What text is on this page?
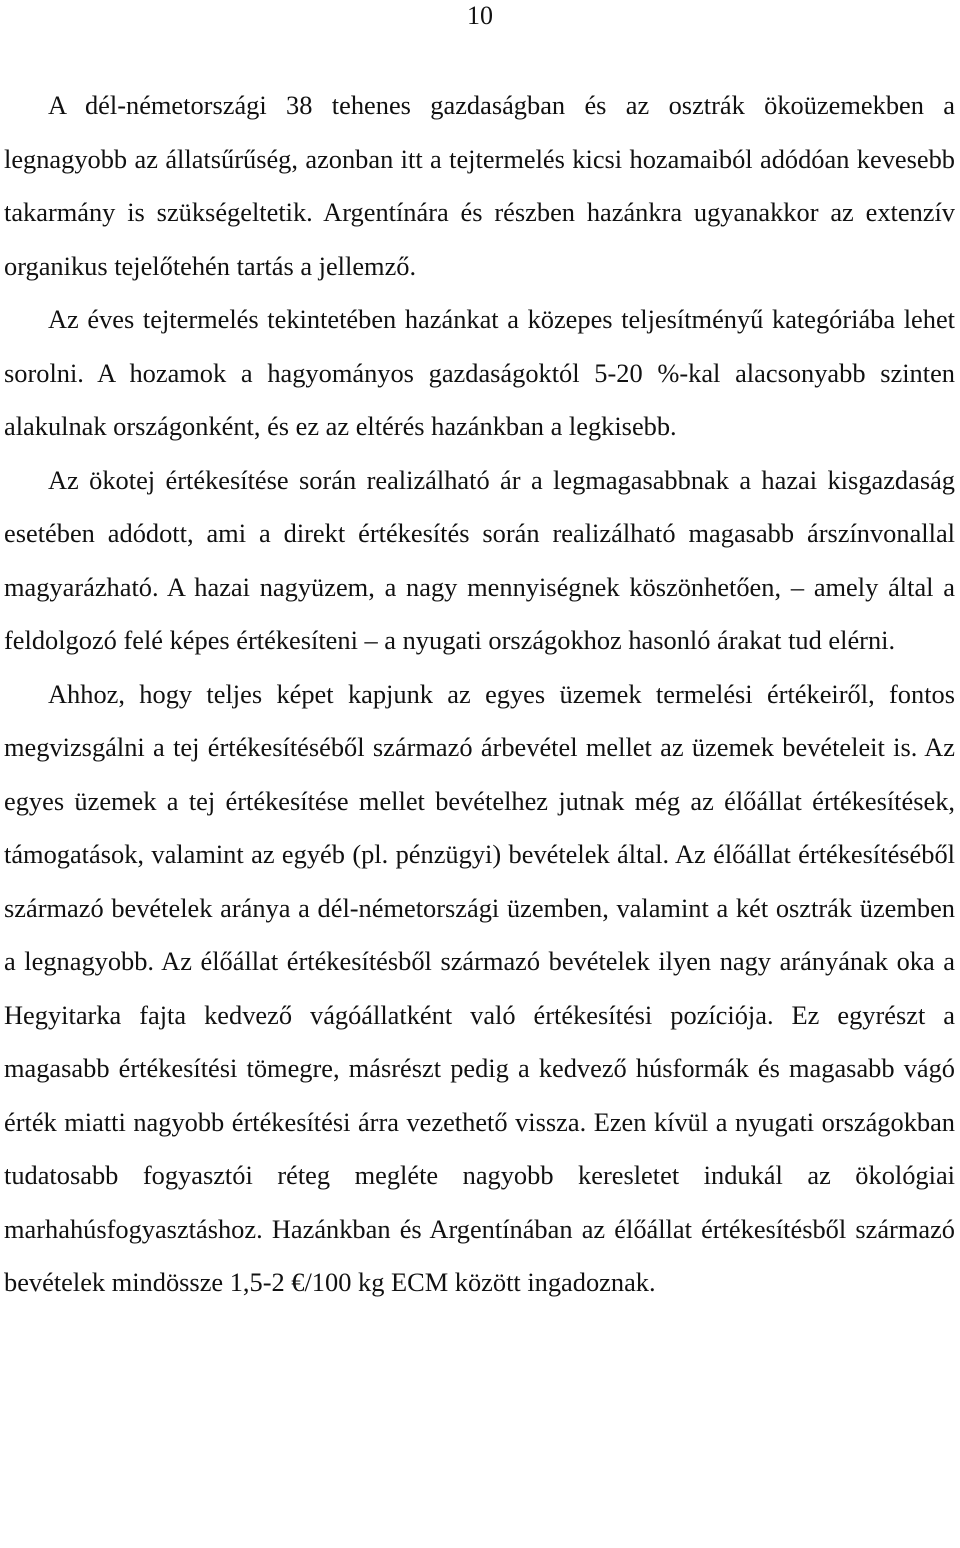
10

A dél-németországi 38 tehenes gazdaságban és az osztrák ökoüzemekben a legnagyobb az állatsűrűség, azonban itt a tejtermelés kicsi hozamaiból adódóan kevesebb takarmány is szükségeltetik. Argentínára és részben hazánkra ugyanakkor az extenzív organikus tejelőtehén tartás a jellemző.

Az éves tejtermelés tekintetében hazánkat a közepes teljesítményű kategóriába lehet sorolni. A hozamok a hagyományos gazdaságoktól 5-20 %-kal alacsonyabb szinten alakulnak országonként, és ez az eltérés hazánkban a legkisebb.

Az ökotej értékesítése során realizálható ár a legmagasabbnak a hazai kisgazdaság esetében adódott, ami a direkt értékesítés során realizálható magasabb árszínvonallal magyarázható. A hazai nagyüzem, a nagy mennyiségnek köszönhetően, – amely által a feldolgozó felé képes értékesíteni – a nyugati országokhoz hasonló árakat tud elérni.

Ahhoz, hogy teljes képet kapjunk az egyes üzemek termelési értékeiről, fontos megvizsgálni a tej értékesítéséből származó árbevétel mellet az üzemek bevételeit is. Az egyes üzemek a tej értékesítése mellet bevételhez jutnak még az élőállat értékesítések, támogatások, valamint az egyéb (pl. pénzügyi) bevételek által. Az élőállat értékesítéséből származó bevételek aránya a dél-németországi üzemben, valamint a két osztrák üzemben a legnagyobb. Az élőállat értékesítésből származó bevételek ilyen nagy arányának oka a Hegyitarka fajta kedvező vágóállatként való értékesítési pozíciója. Ez egyrészt a magasabb értékesítési tömegre, másrészt pedig a kedvező húsformák és magasabb vágó érték miatti nagyobb értékesítési árra vezethető vissza. Ezen kívül a nyugati országokban tudatosabb fogyasztói réteg megléte nagyobb keresletet indukál az ökológiai marhahúsfogyasztáshoz. Hazánkban és Argentínában az élőállat értékesítésből származó bevételek mindössze 1,5-2 €/100 kg ECM között ingadoznak.
